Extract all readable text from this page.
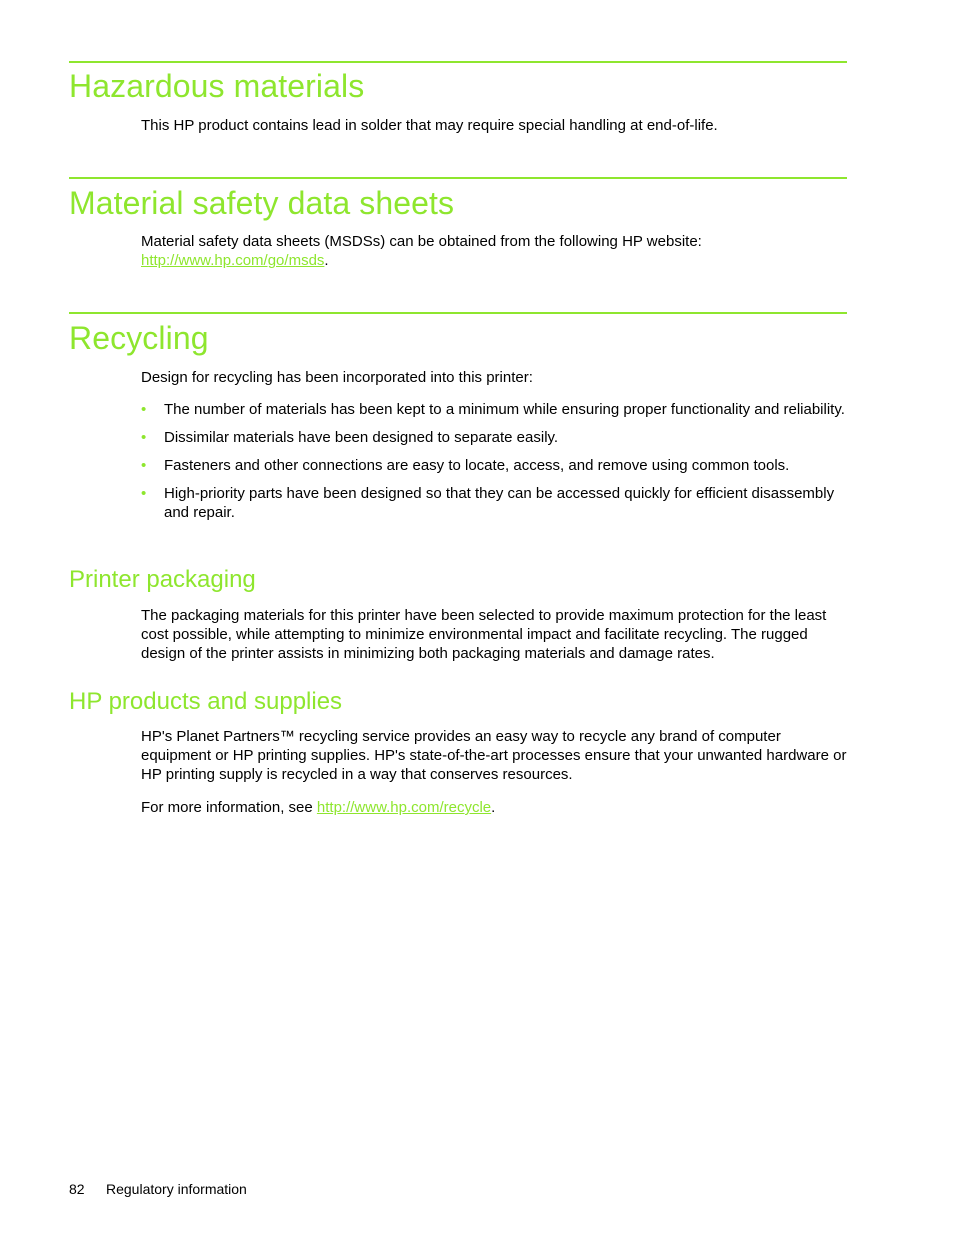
Hazardous materials

This HP product contains lead in solder that may require special handling at end-of-life.

Material safety data sheets

Material safety data sheets (MSDSs) can be obtained from the following HP website:
http://www.hp.com/go/msds.

Recycling

Design for recycling has been incorporated into this printer:

• The number of materials has been kept to a minimum while ensuring proper functionality and reliability.
• Dissimilar materials have been designed to separate easily.
• Fasteners and other connections are easy to locate, access, and remove using common tools.
• High-priority parts have been designed so that they can be accessed quickly for efficient disassembly and repair.
Printer packaging

The packaging materials for this printer have been selected to provide maximum protection for the least cost possible, while attempting to minimize environmental impact and facilitate recycling. The rugged design of the printer assists in minimizing both packaging materials and damage rates.

HP products and supplies

HP's Planet Partners™ recycling service provides an easy way to recycle any brand of computer equipment or HP printing supplies. HP's state-of-the-art processes ensure that your unwanted hardware or HP printing supply is recycled in a way that conserves resources.

For more information, see http://www.hp.com/recycle.

82 Regulatory information
